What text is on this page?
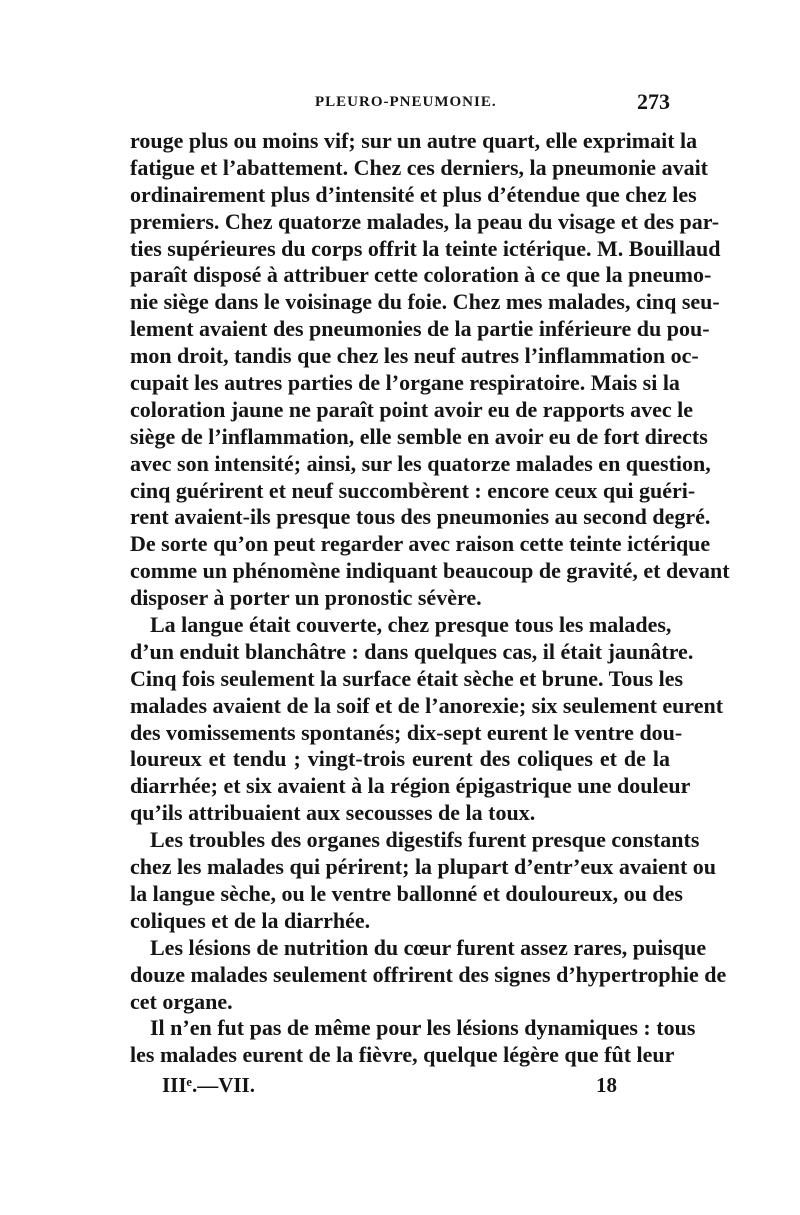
PLEURO-PNEUMONIE.	273
rouge plus ou moins vif; sur un autre quart, elle exprimait la
fatigue et l’abattement. Chez ces derniers, la pneumonie avait
ordinairement plus d’intensité et plus d’étendue que chez les
premiers. Chez quatorze malades, la peau du visage et des par-
ties supérieures du corps offrit la teinte ictérique. M. Bouillaud
paraît disposé à attribuer cette coloration à ce que la pneumo-
nie siège dans le voisinage du foie. Chez mes malades, cinq seu-
lement avaient des pneumonies de la partie inférieure du pou-
mon droit, tandis que chez les neuf autres l’inflammation oc-
cupait les autres parties de l’organe respiratoire. Mais si la
coloration jaune ne paraît point avoir eu de rapports avec le
siège de l’inflammation, elle semble en avoir eu de fort directs
avec son intensité; ainsi, sur les quatorze malades en question,
cinq guérirent et neuf succombèrent : encore ceux qui guéri-
rent avaient-ils presque tous des pneumonies au second degré.
De sorte qu’on peut regarder avec raison cette teinte ictérique
comme un phénomène indiquant beaucoup de gravité, et devant
disposer à porter un pronostic sévère.
La langue était couverte, chez presque tous les malades,
d’un enduit blanchâtre : dans quelques cas, il était jaunâtre.
Cinq fois seulement la surface était sèche et brune. Tous les
malades avaient de la soif et de l’anorexie; six seulement eurent
des vomissements spontanés; dix-sept eurent le ventre dou-
loureux et tendu ; vingt-trois eurent des coliques et de la
diarrhée; et six avaient à la région épigastrique une douleur
qu’ils attribuaient aux secousses de la toux.
Les troubles des organes digestifs furent presque constants
chez les malades qui périrent; la plupart d’entr’eux avaient ou
la langue sèche, ou le ventre ballonné et douloureux, ou des
coliques et de la diarrhée.
Les lésions de nutrition du cœur furent assez rares, puisque
douze malades seulement offrirent des signes d’hypertrophie de
cet organe.
Il n’en fut pas de même pour les lésions dynamiques : tous
les malades eurent de la fièvre, quelque légère que fût leur
IIIᵉ.—VII.	18
